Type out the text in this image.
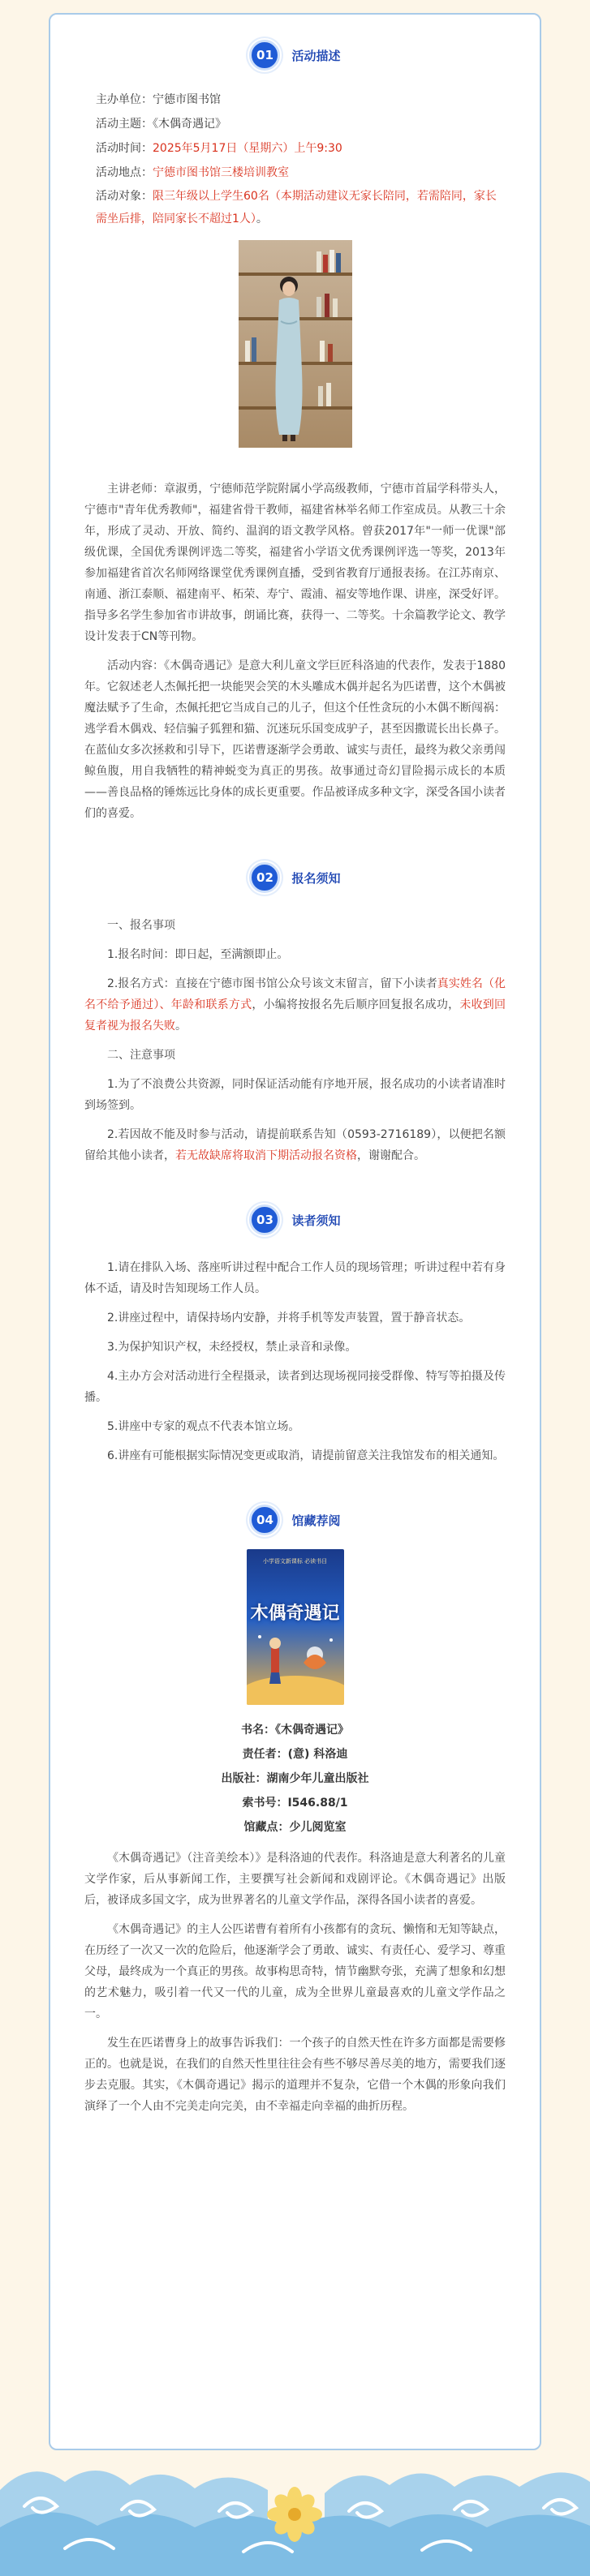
01	活动描述
主办单位：宁德市图书馆
活动主题：《木偶奇遇记》
活动时间：2025年5月17日（星期六）上午9:30
活动地点：宁德市图书馆三楼培训教室
活动对象：限三年级以上学生60名（本期活动建议无家长陪同，若需陪同，家长需坐后排，陪同家长不超过1人）。

主讲老师：章淑勇，宁德师范学院附属小学高级教师，宁德市首届学科带头人，宁德市"青年优秀教师"，福建省骨干教师，福建省林举名师工作室成员。从教三十余年，形成了灵动、开放、简约、温润的语文教学风格。曾获2017年"一师一优课"部级优课，全国优秀课例评选二等奖，福建省小学语文优秀课例评选一等奖，2013年参加福建省首次名师网络课堂优秀课例直播，受到省教育厅通报表扬。在江苏南京、南通、浙江泰顺、福建南平、柘荣、寿宁、霞浦、福安等地作课、讲座，深受好评。指导多名学生参加省市讲故事，朗诵比赛，获得一、二等奖。十余篇教学论文、教学设计发表于CN等刊物。

活动内容：《木偶奇遇记》是意大利儿童文学巨匠科洛迪的代表作，发表于1880年。它叙述老人杰佩托把一块能哭会笑的木头雕成木偶并起名为匹诺曹，这个木偶被魔法赋予了生命，杰佩托把它当成自己的儿子，但这个任性贪玩的小木偶不断闯祸：逃学看木偶戏、轻信骗子狐狸和猫、沉迷玩乐国变成驴子，甚至因撒谎长出长鼻子。在蓝仙女多次拯救和引导下，匹诺曹逐渐学会勇敢、诚实与责任，最终为救父亲勇闯鲸鱼腹，用自我牺牲的精神蜕变为真正的男孩。故事通过奇幻冒险揭示成长的本质——善良品格的锤炼远比身体的成长更重要。作品被译成多种文字，深受各国小读者们的喜爱。

02	报名须知

一、报名事项

1.报名时间：即日起，至满额即止。

2.报名方式：直接在宁德市图书馆公众号该文末留言，留下小读者真实姓名（化名不给予通过）、年龄和联系方式，小编将按报名先后顺序回复报名成功，未收到回复者视为报名失败。

二、注意事项

1.为了不浪费公共资源，同时保证活动能有序地开展，报名成功的小读者请准时到场签到。

2.若因故不能及时参与活动，请提前联系告知（0593-2716189），以便把名额留给其他小读者，若无故缺席将取消下期活动报名资格，谢谢配合。

03	读者须知

1.请在排队入场、落座听讲过程中配合工作人员的现场管理；听讲过程中若有身体不适，请及时告知现场工作人员。

2.讲座过程中，请保持场内安静，并将手机等发声装置，置于静音状态。

3.为保护知识产权，未经授权，禁止录音和录像。

4.主办方会对活动进行全程摄录，读者到达现场视同接受群像、特写等拍摄及传播。

5.讲座中专家的观点不代表本馆立场。

6.讲座有可能根据实际情况变更或取消，请提前留意关注我馆发布的相关通知。

04	馆藏荐阅
小学语文新课标 必读书目
木偶奇遇记
书名：《木偶奇遇记》
责任者：(意) 科洛迪
出版社：湖南少年儿童出版社
索书号：I546.88/1
馆藏点：少儿阅览室

《木偶奇遇记》（注音美绘本）》是科洛迪的代表作。科洛迪是意大利著名的儿童文学作家，后从事新闻工作，主要撰写社会新闻和戏剧评论。《木偶奇遇记》出版后，被译成多国文字，成为世界著名的儿童文学作品，深得各国小读者的喜爱。

《木偶奇遇记》的主人公匹诺曹有着所有小孩都有的贪玩、懒惰和无知等缺点，在历经了一次又一次的危险后，他逐渐学会了勇敢、诚实、有责任心、爱学习、尊重父母，最终成为一个真正的男孩。故事构思奇特，情节幽默夸张，充满了想象和幻想的艺术魅力，吸引着一代又一代的儿童，成为全世界儿童最喜欢的儿童文学作品之一。

发生在匹诺曹身上的故事告诉我们：一个孩子的自然天性在许多方面都是需要修正的。也就是说，在我们的自然天性里往往会有些不够尽善尽美的地方，需要我们逐步去克服。其实，《木偶奇遇记》揭示的道理并不复杂，它借一个木偶的形象向我们演绎了一个人由不完美走向完美，由不幸福走向幸福的曲折历程。
